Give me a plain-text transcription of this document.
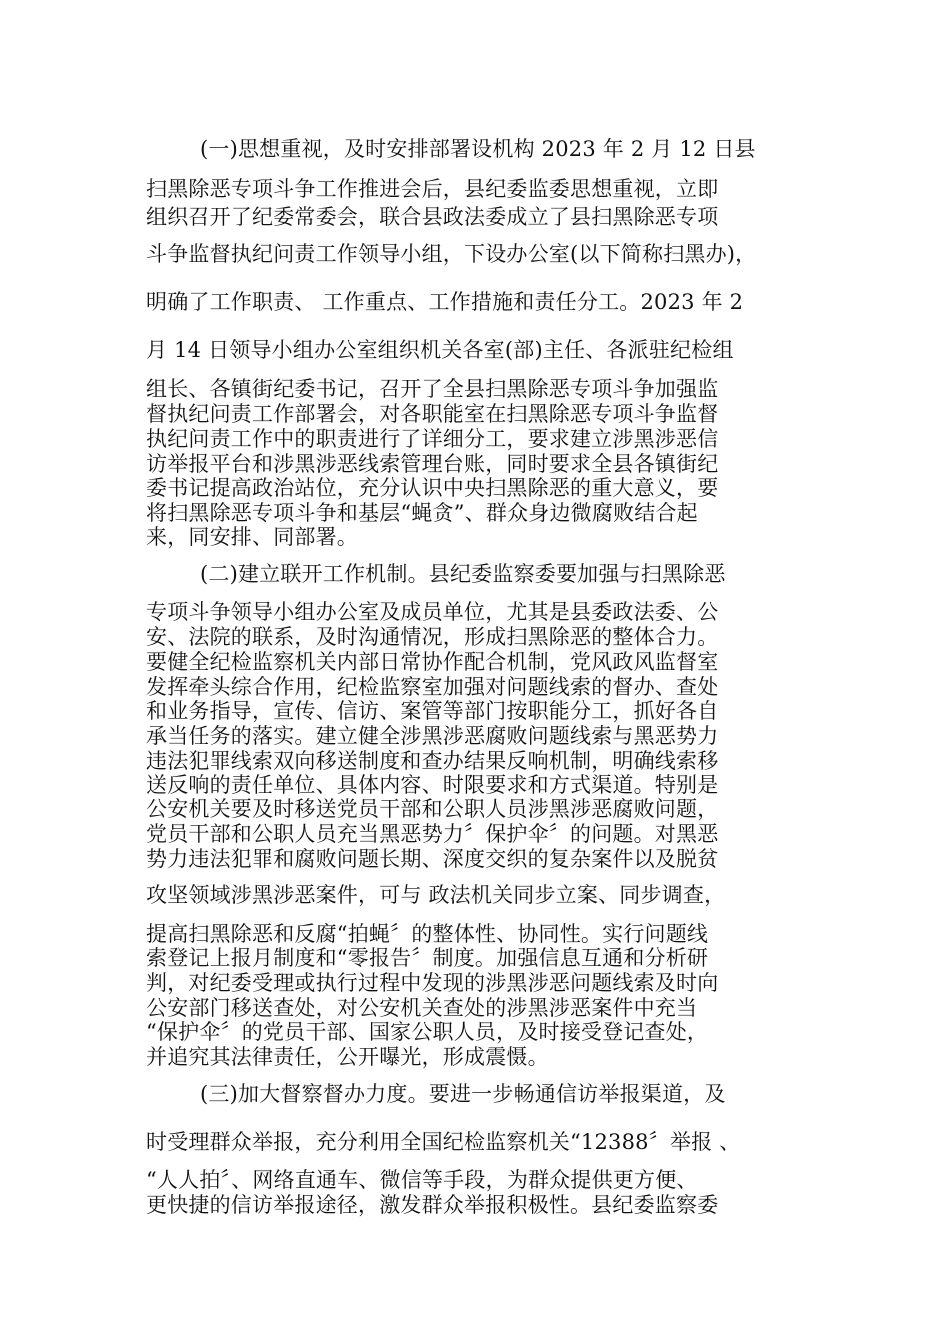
(一)思想重视，及时安排部署设机构 2023 年 2 月 12 日县
扫黑除恶专项斗争工作推进会后，县纪委监委思想重视，立即
组织召开了纪委常委会，联合县政法委成立了县扫黑除恶专项
斗争监督执纪问责工作领导小组，下设办公室(以下简称扫黑办)，
明确了工作职责、 工作重点、工作措施和责任分工。2023 年 2
月 14 日领导小组办公室组织机关各室(部)主任、各派驻纪检组
组长、各镇街纪委书记，召开了全县扫黑除恶专项斗争加强监
督执纪问责工作部署会，对各职能室在扫黑除恶专项斗争监督
执纪问责工作中的职责进行了详细分工，要求建立涉黑涉恶信
访举报平台和涉黑涉恶线索管理台账，同时要求全县各镇街纪
委书记提高政治站位，充分认识中央扫黑除恶的重大意义，要
将扫黑除恶专项斗争和基层“蝇贪”、群众身边微腐败结合起
来，同安排、同部署。
(二)建立联开工作机制。县纪委监察委要加强与扫黑除恶
专项斗争领导小组办公室及成员单位，尤其是县委政法委、公
安、法院的联系，及时沟通情况，形成扫黑除恶的整体合力。
要健全纪检监察机关内部日常协作配合机制，党风政风监督室
发挥牵头综合作用，纪检监察室加强对问题线索的督办、查处
和业务指导，宣传、信访、案管等部门按职能分工，抓好各自
承当任务的落实。建立健全涉黑涉恶腐败问题线索与黑恶势力
违法犯罪线索双向移送制度和查办结果反响机制，明确线索移
送反响的责任单位、具体内容、时限要求和方式渠道。特别是
公安机关要及时移送党员干部和公职人员涉黑涉恶腐败问题，
党员干部和公职人员充当黑恶势力〞保护伞〞的问题。对黑恶
势力违法犯罪和腐败问题长期、深度交织的复杂案件以及脱贫
攻坚领域涉黑涉恶案件，可与 政法机关同步立案、同步调查，
提高扫黑除恶和反腐“拍蝇〞的整体性、协同性。实行问题线
索登记上报月制度和“零报告〞制度。加强信息互通和分析研
判，对纪委受理或执行过程中发现的涉黑涉恶问题线索及时向
公安部门移送查处，对公安机关查处的涉黑涉恶案件中充当
“保护伞〞的党员干部、国家公职人员，及时接受登记查处，
并追究其法律责任，公开曝光，形成震慑。
(三)加大督察督办力度。要进一步畅通信访举报渠道，及
时受理群众举报，充分利用全国纪检监察机关“12388〞举报 、
“人人拍〞、网络直通车、微信等手段，为群众提供更方便、
更快捷的信访举报途径，激发群众举报积极性。县纪委监察委
